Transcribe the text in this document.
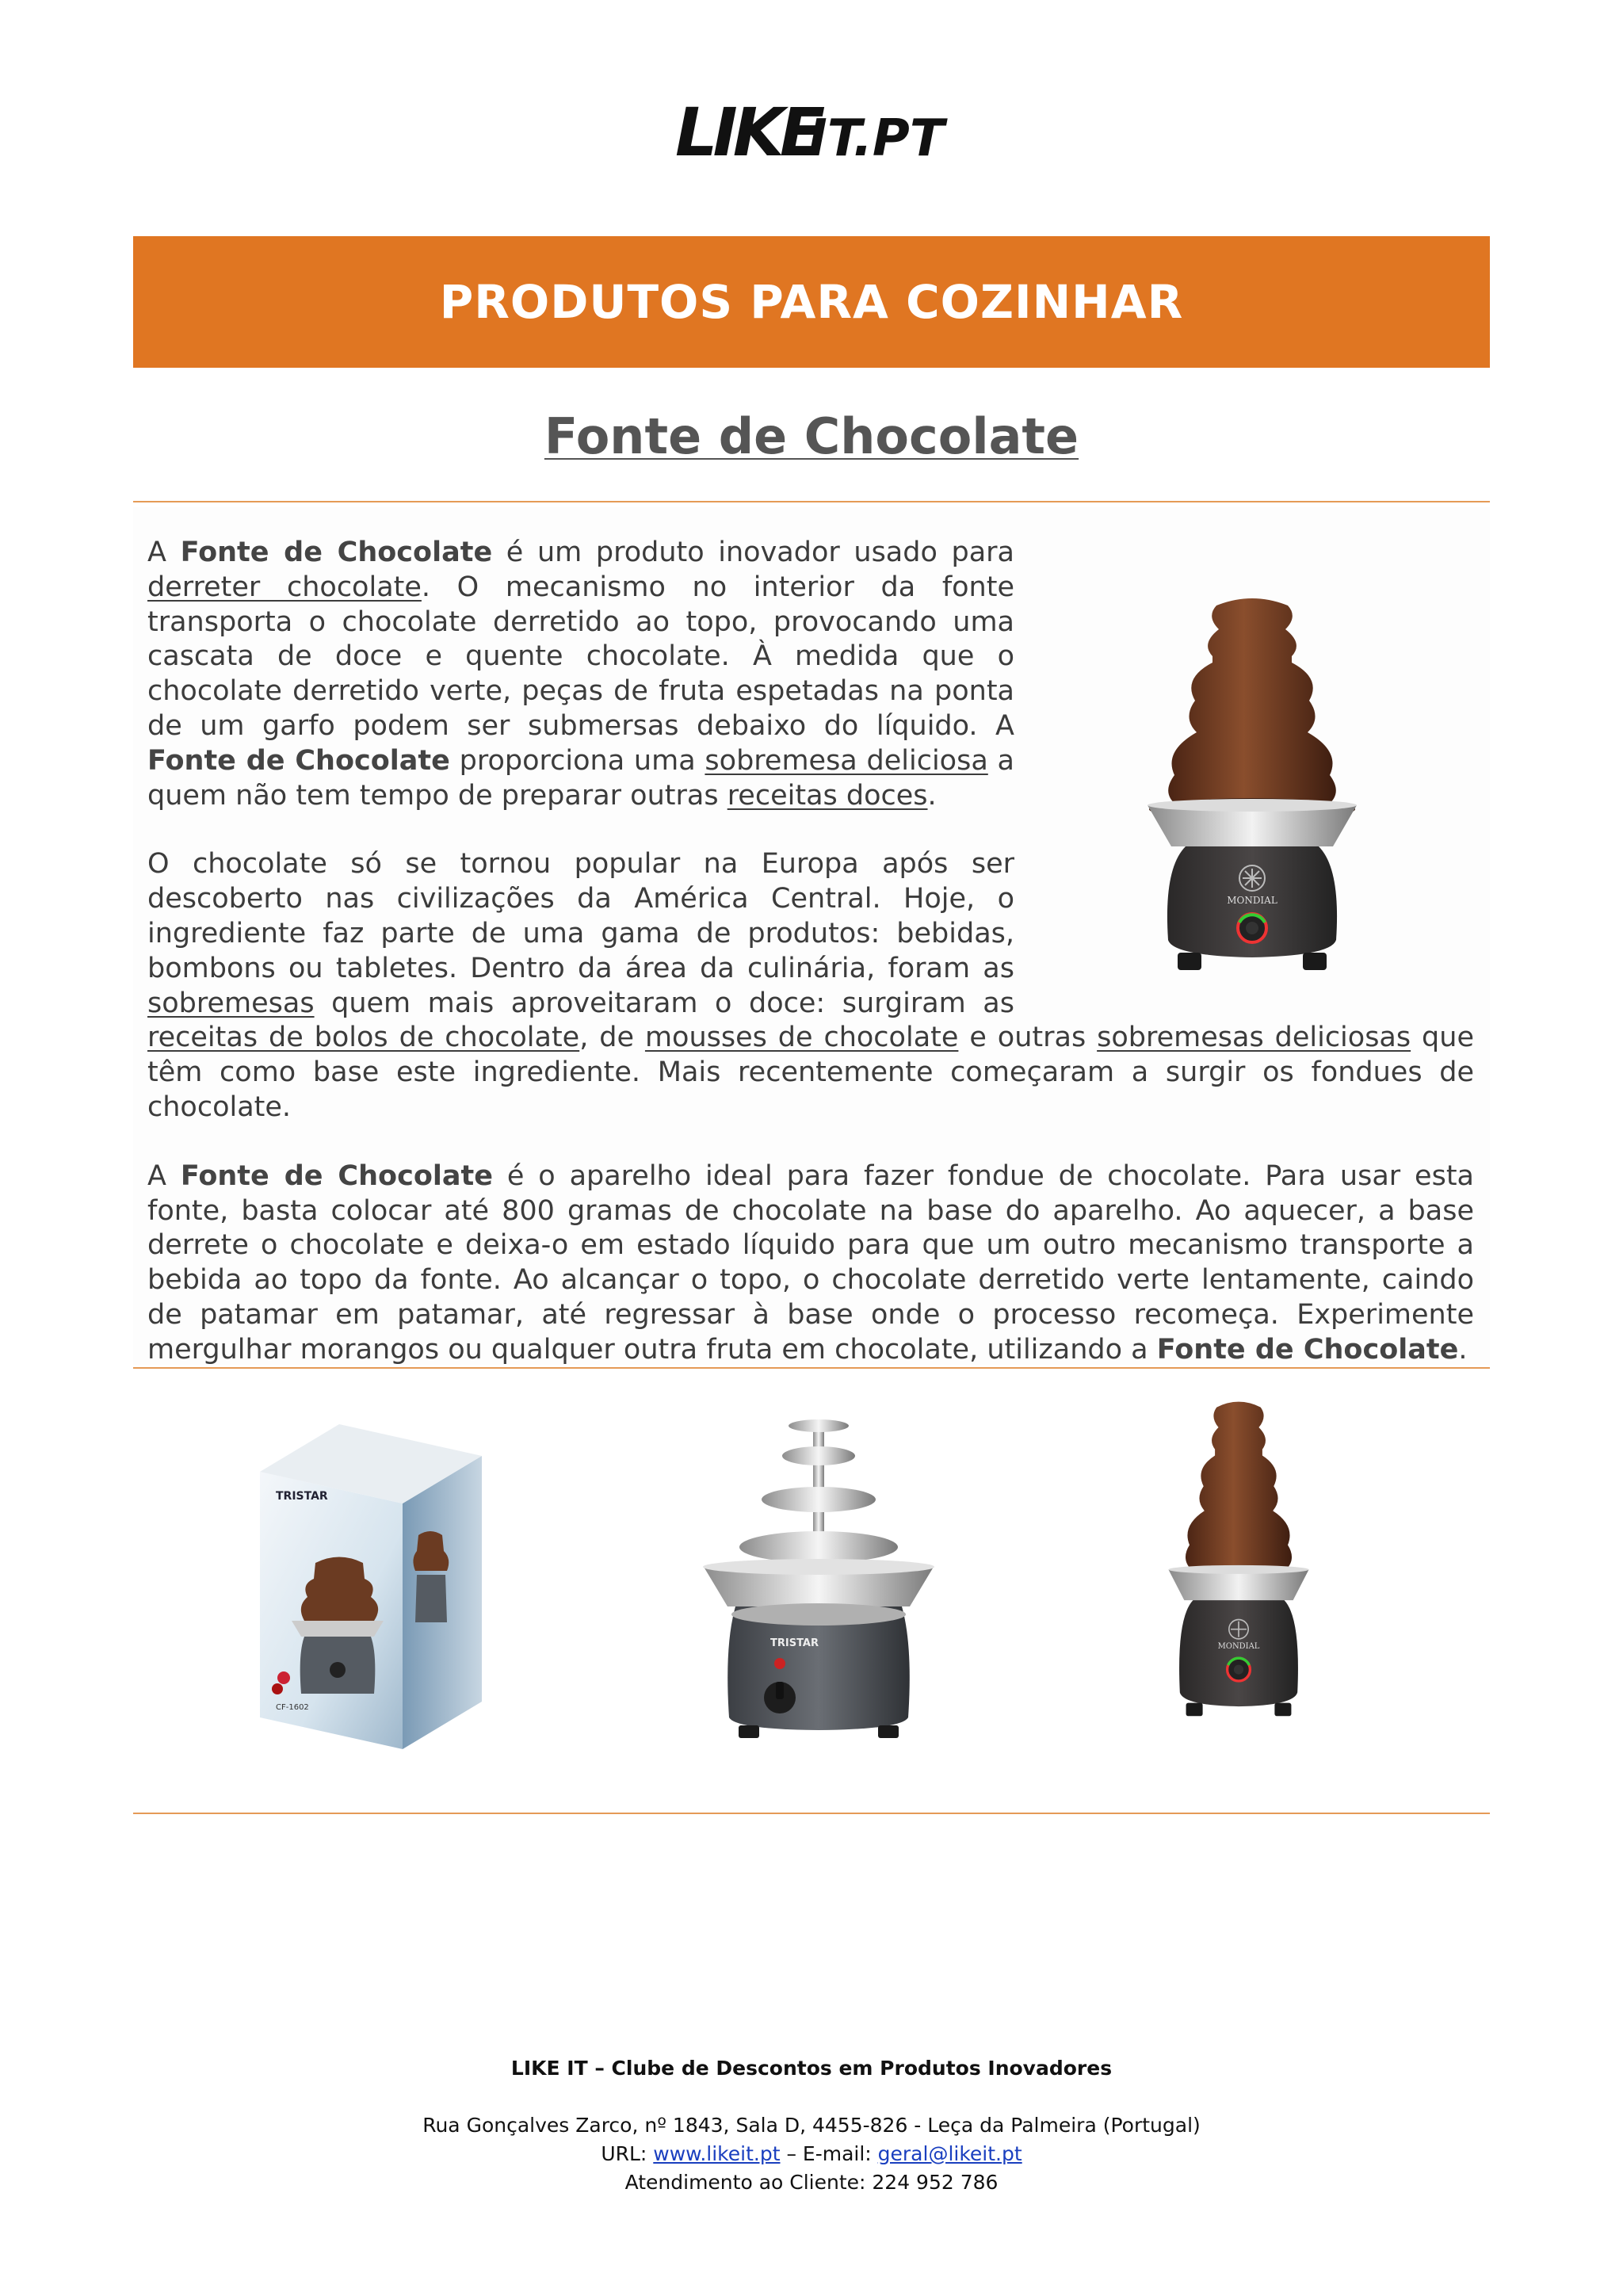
LIKE
IT.PT
PRODUTOS PARA COZINHAR
Fonte de Chocolate
MONDIAL

A Fonte de Chocolate é um produto inovador usado para derreter chocolate. O mecanismo no interior da fonte transporta o chocolate derretido ao topo, provocando uma cascata de doce e quente chocolate. À medida que o chocolate derretido verte, peças de fruta espetadas na ponta de um garfo podem ser submersas debaixo do líquido. A Fonte de Chocolate proporciona uma sobremesa deliciosa a quem não tem tempo de preparar outras receitas doces.

O chocolate só se tornou popular na Europa após ser descoberto nas civilizações da América Central. Hoje, o ingrediente faz parte de uma gama de produtos: bebidas, bombons ou tabletes. Dentro da área da culinária, foram as sobremesas quem mais aproveitaram o doce: surgiram as receitas de bolos de chocolate, de mousses de chocolate e outras sobremesas deliciosas que têm como base este ingrediente. Mais recentemente começaram a surgir os fondues de chocolate.

A Fonte de Chocolate é o aparelho ideal para fazer fondue de chocolate. Para usar esta fonte, basta colocar até 800 gramas de chocolate na base do aparelho. Ao aquecer, a base derrete o chocolate e deixa-o em estado líquido para que um outro mecanismo transporte a bebida ao topo da fonte. Ao alcançar o topo, o chocolate derretido verte lentamente, caindo de patamar em patamar, até regressar à base onde o processo recomeça. Experimente mergulhar morangos ou qualquer outra fruta em chocolate, utilizando a Fonte de Chocolate.

TRISTAR
CF-1602
TRISTAR	MONDIAL
LIKE IT – Clube de Descontos em Produtos Inovadores
Rua Gonçalves Zarco, nº 1843, Sala D, 4455-826 - Leça da Palmeira (Portugal)
URL: www.likeit.pt – E-mail: geral@likeit.pt
Atendimento ao Cliente: 224 952 786
